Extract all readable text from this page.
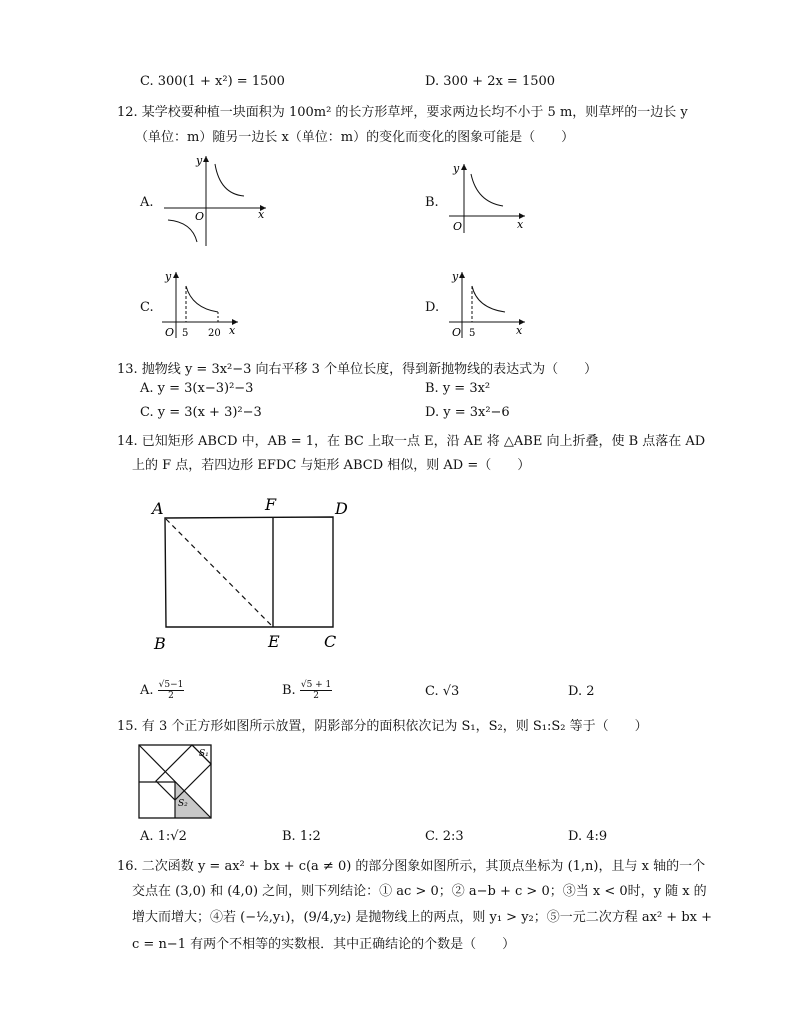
C. 300(1 + x²) = 1500	D. 300 + 2x = 1500
12. 某学校要种植一块面积为 100m² 的长方形草坪，要求两边长均不小于 5 m，则草坪的一边长 y
（单位：m）随另一边长 x（单位：m）的变化而变化的图象可能是（　　）
A.
y
x
O
B.
y
x
O
C.
y
x
O 5 20
D.
y
x
O 5
13. 抛物线 y = 3x²−3 向右平移 3 个单位长度，得到新抛物线的表达式为（　　）
A. y = 3(x−3)²−3	B. y = 3x²
C. y = 3(x + 3)²−3	D. y = 3x²−6
14. 已知矩形 ABCD 中，AB = 1，在 BC 上取一点 E，沿 AE 将 △ABE 向上折叠，使 B 点落在 AD
上的 F 点，若四边形 EFDC 与矩形 ABCD 相似，则 AD =（　　）
A	F	D
B	E	C
A. $\frac{√5-1}{2}$	B. $\frac{√5 + 1}{2}$	C. √3	D. 2
15. 有 3 个正方形如图所示放置，阴影部分的面积依次记为 S₁，S₂，则 S₁:S₂ 等于（　　）
S₁
S₂
A. 1:√2	B. 1:2	C. 2:3	D. 4:9
16. 二次函数 y = ax² + bx + c(a ≠ 0) 的部分图象如图所示，其顶点坐标为 (1,n)，且与 x 轴的一个
交点在 (3,0) 和 (4,0) 之间，则下列结论：① ac > 0；② a−b + c > 0；③当 x < 0时，y 随 x 的
增大而增大；④若 (−½,y₁)，(9/4,y₂) 是抛物线上的两点，则 y₁ > y₂；⑤一元二次方程 ax² + bx +
c = n−1 有两个不相等的实数根．其中正确结论的个数是（　　）
